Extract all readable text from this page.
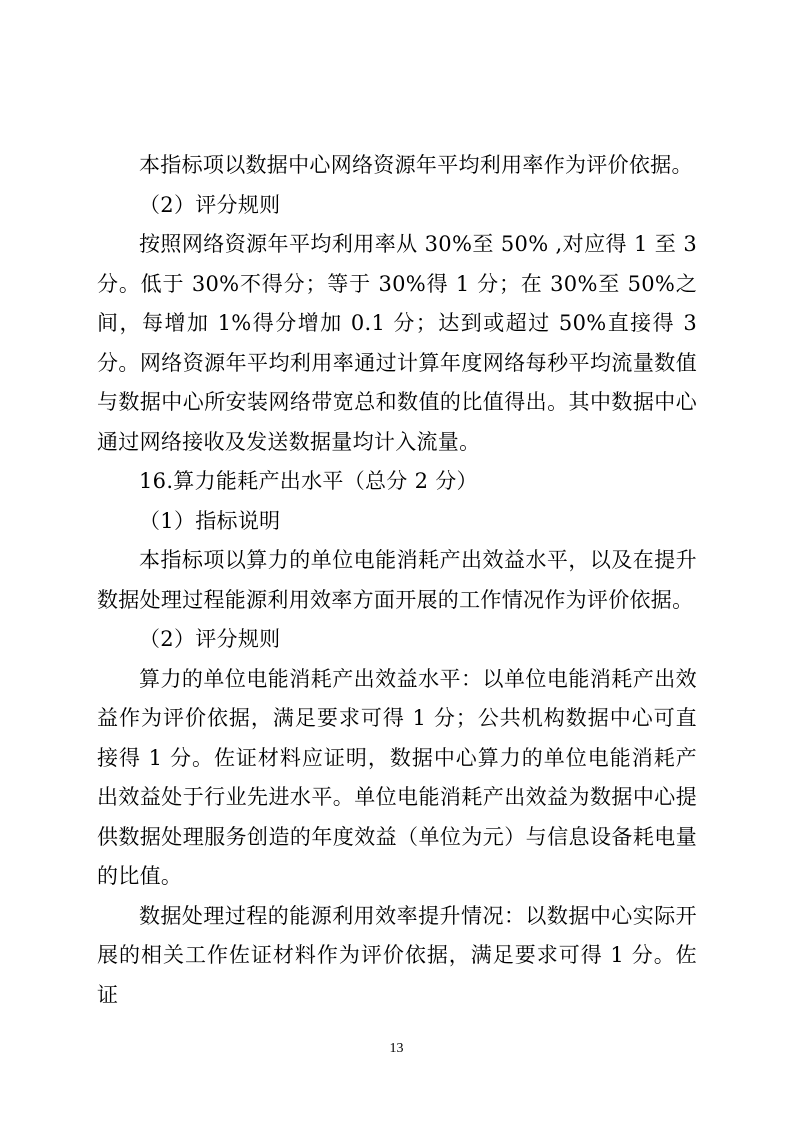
本指标项以数据中心网络资源年平均利用率作为评价依据。

（2）评分规则

按照网络资源年平均利用率从 30%至 50% ,对应得 1 至 3 分。低于 30%不得分；等于 30%得 1 分；在 30%至 50%之间，每增加 1%得分增加 0.1 分；达到或超过 50%直接得 3 分。网络资源年平均利用率通过计算年度网络每秒平均流量数值与数据中心所安装网络带宽总和数值的比值得出。其中数据中心通过网络接收及发送数据量均计入流量。

16.算力能耗产出水平（总分 2 分）

（1）指标说明

本指标项以算力的单位电能消耗产出效益水平，以及在提升数据处理过程能源利用效率方面开展的工作情况作为评价依据。

（2）评分规则

算力的单位电能消耗产出效益水平：以单位电能消耗产出效益作为评价依据，满足要求可得 1 分；公共机构数据中心可直接得 1 分。佐证材料应证明，数据中心算力的单位电能消耗产出效益处于行业先进水平。单位电能消耗产出效益为数据中心提供数据处理服务创造的年度效益（单位为元）与信息设备耗电量的比值。

数据处理过程的能源利用效率提升情况：以数据中心实际开展的相关工作佐证材料作为评价依据，满足要求可得 1 分。佐证

13
